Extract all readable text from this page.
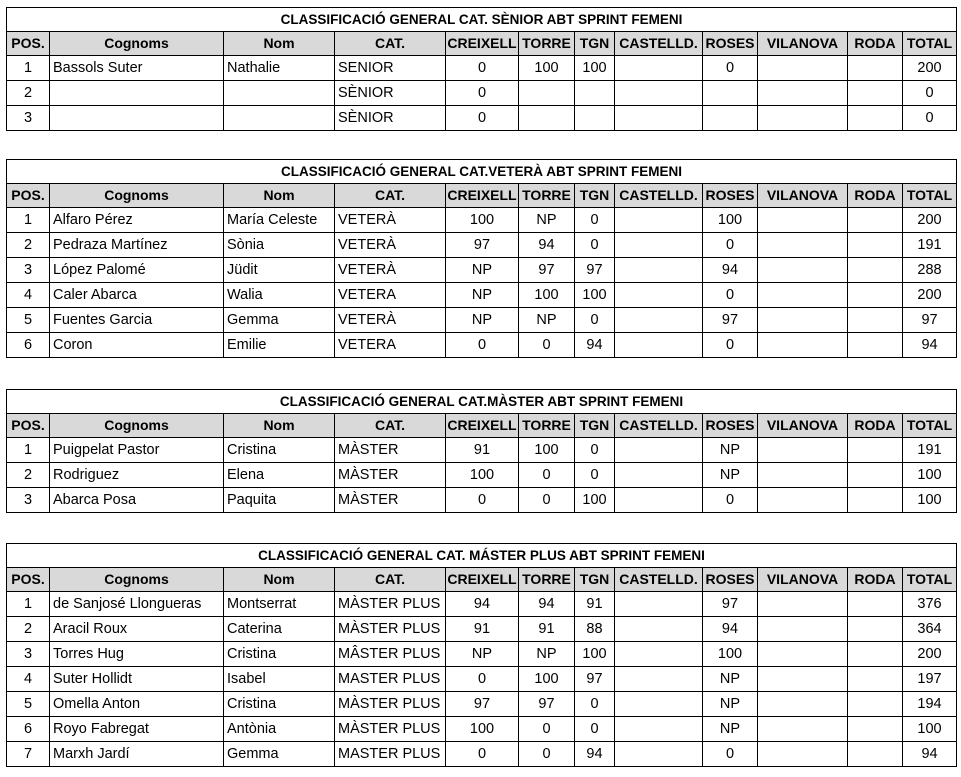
CLASSIFICACIÓ GENERAL CAT. SÈNIOR ABT SPRINT FEMENI											
POS.	Cognoms	Nom	CAT.	CREIXELL	TORRE	TGN	CASTELLD.	ROSES	VILANOVA	RODA	TOTAL
1	Bassols Suter	Nathalie	SENIOR	0	100	100		0			200
2			SÈNIOR	0							0
3			SÈNIOR	0							0
CLASSIFICACIÓ GENERAL CAT.VETERÀ ABT SPRINT FEMENI											
POS.	Cognoms	Nom	CAT.	CREIXELL	TORRE	TGN	CASTELLD.	ROSES	VILANOVA	RODA	TOTAL
1	Alfaro Pérez	María Celeste	VETERÀ	100	NP	0		100			200
2	Pedraza Martínez	Sònia	VETERÀ	97	94	0		0			191
3	López Palomé	Jüdit	VETERÀ	NP	97	97		94			288
4	Caler Abarca	Walia	VETERA	NP	100	100		0			200
5	Fuentes Garcia	Gemma	VETERÀ	NP	NP	0		97			97
6	Coron	Emilie	VETERA	0	0	94		0			94
CLASSIFICACIÓ GENERAL CAT.MÀSTER ABT SPRINT FEMENI											
POS.	Cognoms	Nom	CAT.	CREIXELL	TORRE	TGN	CASTELLD.	ROSES	VILANOVA	RODA	TOTAL
1	Puigpelat Pastor	Cristina	MÀSTER	91	100	0		NP			191
2	Rodriguez	Elena	MÀSTER	100	0	0		NP			100
3	Abarca Posa	Paquita	MÀSTER	0	0	100		0			100
CLASSIFICACIÓ GENERAL CAT. MÁSTER PLUS ABT SPRINT FEMENI											
POS.	Cognoms	Nom	CAT.	CREIXELL	TORRE	TGN	CASTELLD.	ROSES	VILANOVA	RODA	TOTAL
1	de Sanjosé Llongueras	Montserrat	MÀSTER PLUS	94	94	91		97			376
2	Aracil Roux	Caterina	MÀSTER PLUS	91	91	88		94			364
3	Torres Hug	Cristina	MÂSTER PLUS	NP	NP	100		100			200
4	Suter Hollidt	Isabel	MASTER PLUS	0	100	97		NP			197
5	Omella Anton	Cristina	MÀSTER PLUS	97	97	0		NP			194
6	Royo Fabregat	Antònia	MÀSTER PLUS	100	0	0		NP			100
7	Marxh Jardí	Gemma	MASTER PLUS	0	0	94		0			94
